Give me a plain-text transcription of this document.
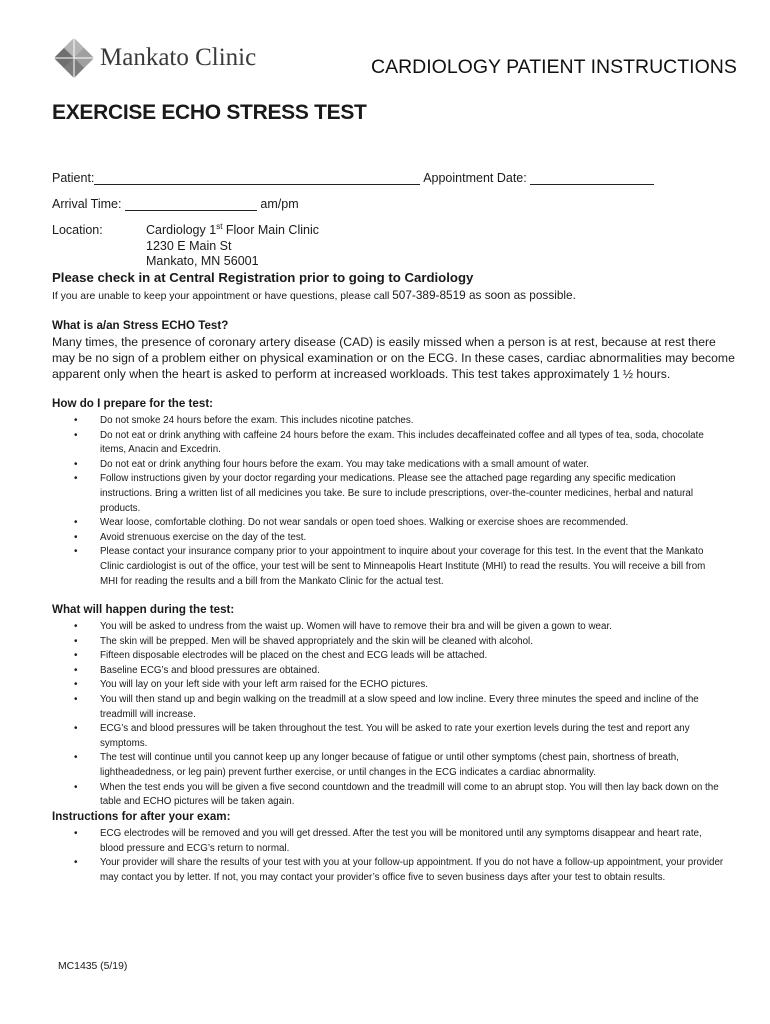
Mankato Clinic	CARDIOLOGY PATIENT INSTRUCTIONS
EXERCISE ECHO STRESS TEST
Patient:	Appointment Date:
Arrival Time:	am/pm
Location:	Cardiology 1st Floor Main Clinic
1230 E Main St
Mankato, MN 56001
Please check in at Central Registration prior to going to Cardiology
If you are unable to keep your appointment or have questions, please call 507-389-8519 as soon as possible.
What is a/an Stress ECHO Test?
Many times, the presence of coronary artery disease (CAD) is easily missed when a person is at rest, because at rest there may be no sign of a problem either on physical examination or on the ECG. In these cases, cardiac abnormalities may become apparent only when the heart is asked to perform at increased workloads. This test takes approximately 1 ½ hours.
How do I prepare for the test:
• Do not smoke 24 hours before the exam. This includes nicotine patches.
• Do not eat or drink anything with caffeine 24 hours before the exam. This includes decaffeinated coffee and all types of tea, soda, chocolate items, Anacin and Excedrin.
• Do not eat or drink anything four hours before the exam. You may take medications with a small amount of water.
• Follow instructions given by your doctor regarding your medications. Please see the attached page regarding any specific medication instructions. Bring a written list of all medicines you take. Be sure to include prescriptions, over-the-counter medicines, herbal and natural products.
• Wear loose, comfortable clothing. Do not wear sandals or open toed shoes. Walking or exercise shoes are recommended.
• Avoid strenuous exercise on the day of the test.
• Please contact your insurance company prior to your appointment to inquire about your coverage for this test. In the event that the Mankato Clinic cardiologist is out of the office, your test will be sent to Minneapolis Heart Institute (MHI) to read the results. You will receive a bill from MHI for reading the results and a bill from the Mankato Clinic for the actual test.
What will happen during the test:
• You will be asked to undress from the waist up. Women will have to remove their bra and will be given a gown to wear.
• The skin will be prepped. Men will be shaved appropriately and the skin will be cleaned with alcohol.
• Fifteen disposable electrodes will be placed on the chest and ECG leads will be attached.
• Baseline ECG’s and blood pressures are obtained.
• You will lay on your left side with your left arm raised for the ECHO pictures.
• You will then stand up and begin walking on the treadmill at a slow speed and low incline. Every three minutes the speed and incline of the treadmill will increase.
• ECG’s and blood pressures will be taken throughout the test. You will be asked to rate your exertion levels during the test and report any symptoms.
• The test will continue until you cannot keep up any longer because of fatigue or until other symptoms (chest pain, shortness of breath, lightheadedness, or leg pain) prevent further exercise, or until changes in the ECG indicates a cardiac abnormality.
• When the test ends you will be given a five second countdown and the treadmill will come to an abrupt stop. You will then lay back down on the table and ECHO pictures will be taken again.
Instructions for after your exam:
• ECG electrodes will be removed and you will get dressed. After the test you will be monitored until any symptoms disappear and heart rate, blood pressure and ECG’s return to normal.
• Your provider will share the results of your test with you at your follow-up appointment. If you do not have a follow-up appointment, your provider may contact you by letter. If not, you may contact your provider’s office five to seven business days after your test to obtain results.
MC1435 (5/19)
